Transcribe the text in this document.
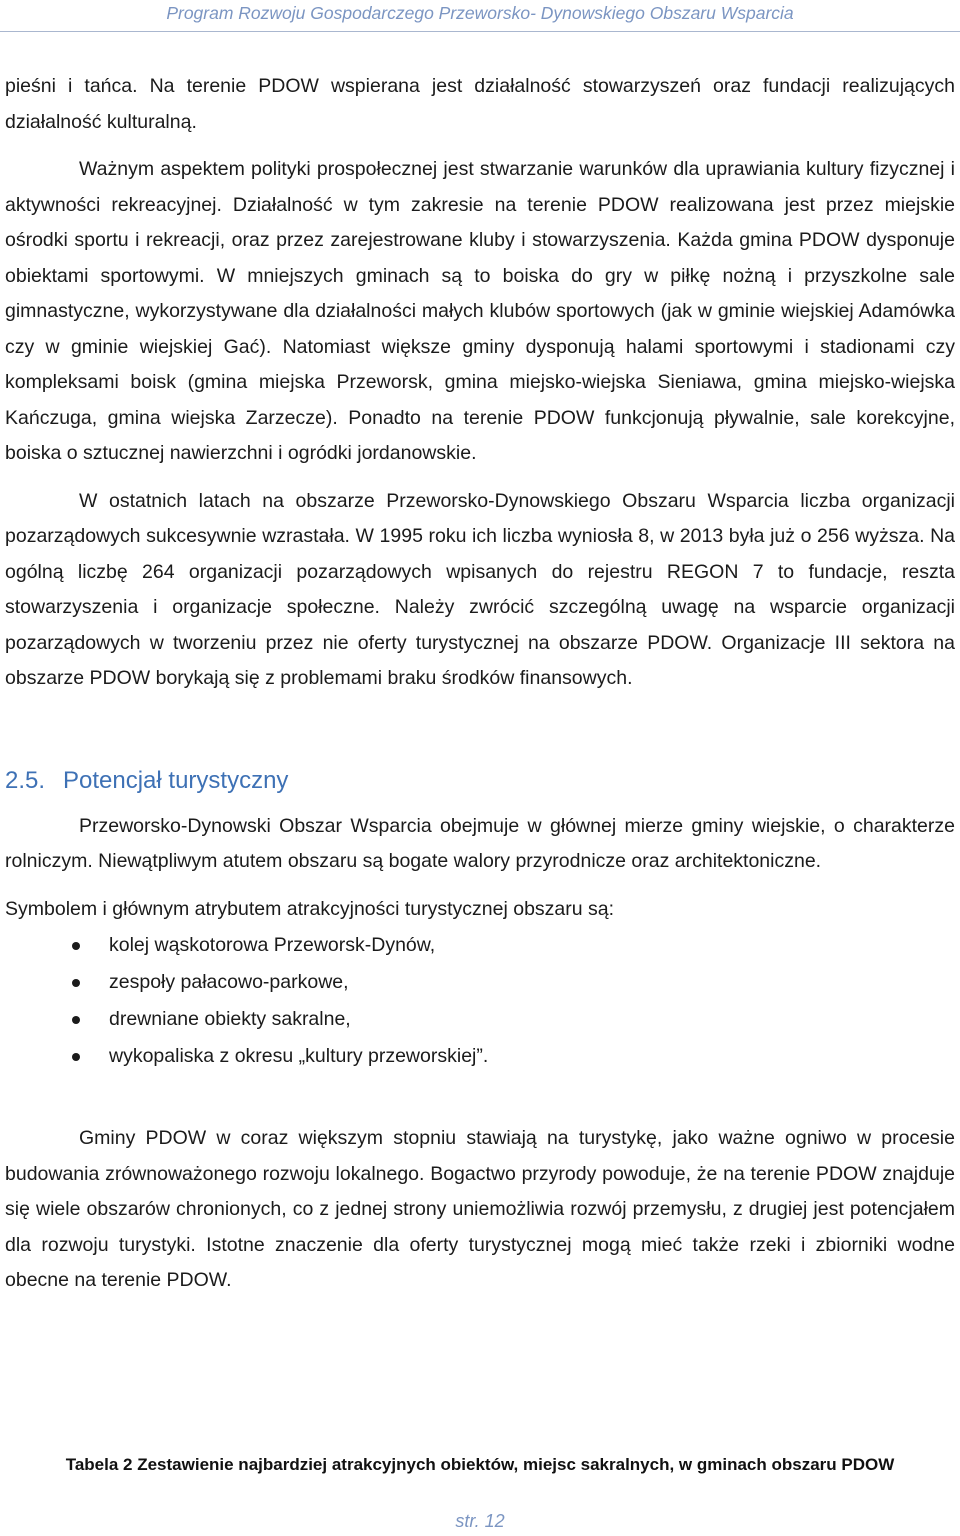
Program Rozwoju Gospodarczego Przeworsko- Dynowskiego Obszaru Wsparcia

pieśni i tańca. Na terenie PDOW wspierana jest działalność stowarzyszeń oraz fundacji realizujących działalność kulturalną.

Ważnym aspektem polityki prospołecznej jest stwarzanie warunków dla uprawiania kultury fizycznej i aktywności rekreacyjnej. Działalność w tym zakresie na terenie PDOW realizowana jest przez miejskie ośrodki sportu i rekreacji, oraz przez zarejestrowane kluby i stowarzyszenia. Każda gmina PDOW dysponuje obiektami sportowymi. W mniejszych gminach są to boiska do gry w piłkę nożną i przyszkolne sale gimnastyczne, wykorzystywane dla działalności małych klubów sportowych (jak w gminie wiejskiej Adamówka czy w gminie wiejskiej Gać). Natomiast większe gminy dysponują halami sportowymi i stadionami czy kompleksami boisk (gmina miejska Przeworsk, gmina miejsko-wiejska Sieniawa, gmina miejsko-wiejska Kańczuga, gmina wiejska Zarzecze). Ponadto na terenie PDOW funkcjonują pływalnie, sale korekcyjne, boiska o sztucznej nawierzchni i ogródki jordanowskie.

W ostatnich latach na obszarze Przeworsko-Dynowskiego Obszaru Wsparcia liczba organizacji pozarządowych sukcesywnie wzrastała. W 1995 roku ich liczba wyniosła 8, w 2013 była już o 256 wyższa. Na ogólną liczbę 264 organizacji pozarządowych wpisanych do rejestru REGON 7 to fundacje, reszta stowarzyszenia i organizacje społeczne. Należy zwrócić szczególną uwagę na wsparcie organizacji pozarządowych w tworzeniu przez nie oferty turystycznej na obszarze PDOW. Organizacje III sektora na obszarze PDOW borykają się z problemami braku środków finansowych.

2.5. Potencjał turystyczny

Przeworsko-Dynowski Obszar Wsparcia obejmuje w głównej mierze gminy wiejskie, o charakterze rolniczym. Niewątpliwym atutem obszaru są bogate walory przyrodnicze oraz architektoniczne.

Symbolem i głównym atrybutem atrakcyjności turystycznej obszaru są:

kolej wąskotorowa Przeworsk-Dynów,
zespoły pałacowo-parkowe,
drewniane obiekty sakralne,
wykopaliska z okresu „kultury przeworskiej”.

Gminy PDOW w coraz większym stopniu stawiają na turystykę, jako ważne ogniwo w procesie budowania zrównoważonego rozwoju lokalnego. Bogactwo przyrody powoduje, że na terenie PDOW znajduje się wiele obszarów chronionych, co z jednej strony uniemożliwia rozwój przemysłu, z drugiej jest potencjałem dla rozwoju turystyki. Istotne znaczenie dla oferty turystycznej mogą mieć także rzeki i zbiorniki wodne obecne na terenie PDOW.

Tabela 2 Zestawienie najbardziej atrakcyjnych obiektów, miejsc sakralnych, w gminach obszaru PDOW
str. 12
